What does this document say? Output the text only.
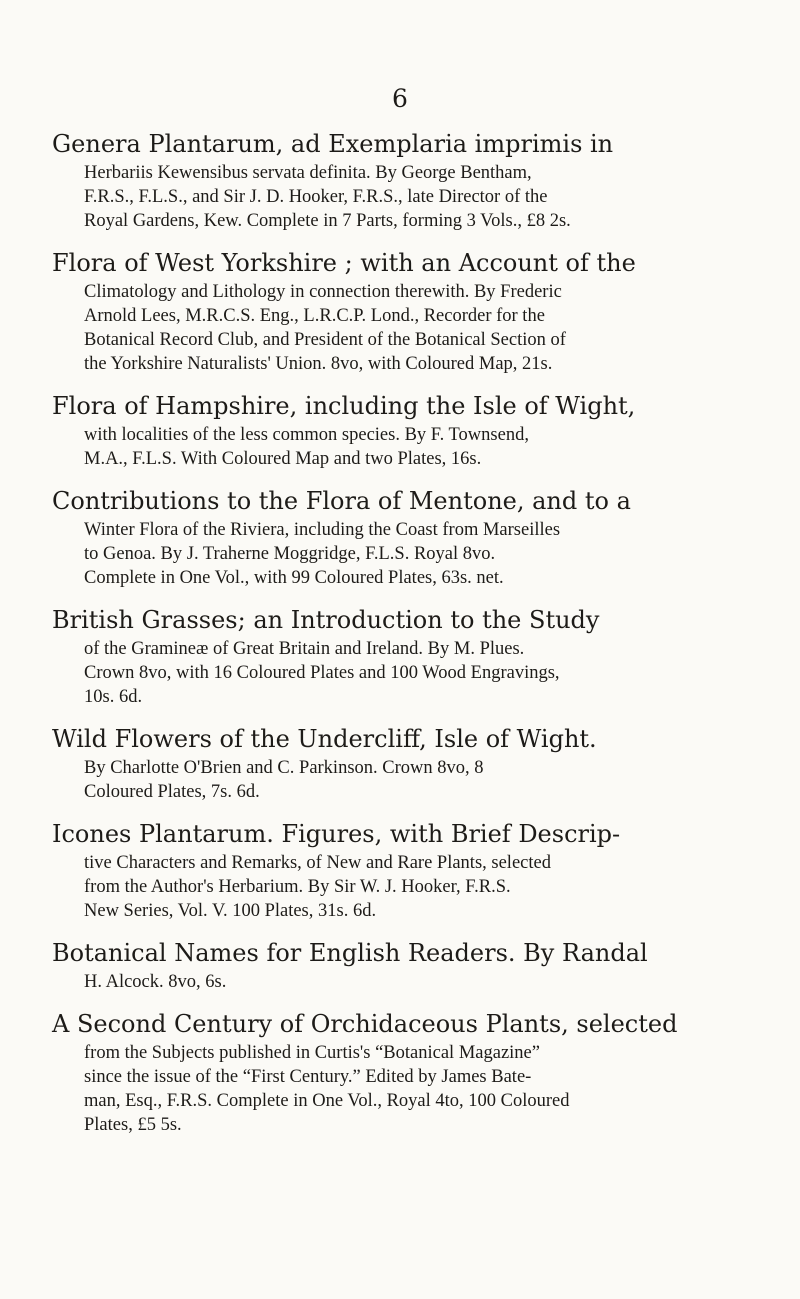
6
Genera Plantarum, ad Exemplaria imprimis in
Herbariis Kewensibus servata definita. By George Bentham,
F.R.S., F.L.S., and Sir J. D. Hooker, F.R.S., late Director of the
Royal Gardens, Kew. Complete in 7 Parts, forming 3 Vols., £8 2s.
Flora of West Yorkshire ; with an Account of the
Climatology and Lithology in connection therewith. By Frederic
Arnold Lees, M.R.C.S. Eng., L.R.C.P. Lond., Recorder for the
Botanical Record Club, and President of the Botanical Section of
the Yorkshire Naturalists' Union. 8vo, with Coloured Map, 21s.
Flora of Hampshire, including the Isle of Wight,
with localities of the less common species. By F. Townsend,
M.A., F.L.S. With Coloured Map and two Plates, 16s.
Contributions to the Flora of Mentone, and to a
Winter Flora of the Riviera, including the Coast from Marseilles
to Genoa. By J. Traherne Moggridge, F.L.S. Royal 8vo.
Complete in One Vol., with 99 Coloured Plates, 63s. net.
British Grasses; an Introduction to the Study
of the Gramineæ of Great Britain and Ireland. By M. Plues.
Crown 8vo, with 16 Coloured Plates and 100 Wood Engravings,
10s. 6d.
Wild Flowers of the Undercliff, Isle of Wight.
By Charlotte O'Brien and C. Parkinson. Crown 8vo, 8
Coloured Plates, 7s. 6d.
Icones Plantarum. Figures, with Brief Descrip-
tive Characters and Remarks, of New and Rare Plants, selected
from the Author's Herbarium. By Sir W. J. Hooker, F.R.S.
New Series, Vol. V. 100 Plates, 31s. 6d.
Botanical Names for English Readers. By Randal
H. Alcock. 8vo, 6s.
A Second Century of Orchidaceous Plants, selected
from the Subjects published in Curtis's “Botanical Magazine”
since the issue of the “First Century.” Edited by James Bate-
man, Esq., F.R.S. Complete in One Vol., Royal 4to, 100 Coloured
Plates, £5 5s.
